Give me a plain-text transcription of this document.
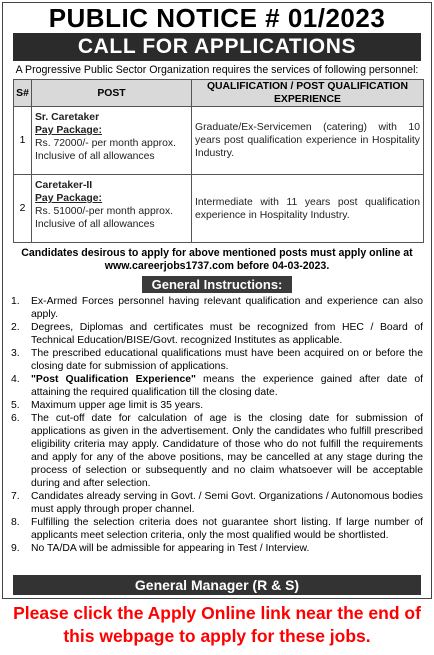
PUBLIC NOTICE # 01/2023
CALL FOR APPLICATIONS
A Progressive Public Sector Organization requires the services of following personnel:
S#	POST	QUALIFICATION / POST QUALIFICATION EXPERIENCE
1	Sr. Caretaker
Pay Package:
Rs. 72000/- per month approx.
Inclusive of all allowances	Graduate/Ex-Servicemen (catering) with 10 years post qualification experience in Hospitality Industry.
2	Caretaker-II
Pay Package:
Rs. 51000/-per month approx.
Inclusive of all allowances	Intermediate with 11 years post qualification experience in Hospitality Industry.
Candidates desirous to apply for above mentioned posts must apply online at
www.careerjobs1737.com before 04-03-2023.
General Instructions:
1.	Ex-Armed Forces personnel having relevant qualification and experience can also apply.
2.	Degrees, Diplomas and certificates must be recognized from HEC / Board of Technical Education/BISE/Govt. recognized Institutes as applicable.
3.	The prescribed educational qualifications must have been acquired on or before the closing date for submission of applications.
4.	"Post Qualification Experience" means the experience gained after date of attaining the required qualification till the closing date.
5.	Maximum upper age limit is 35 years.
6.	The cut-off date for calculation of age is the closing date for submission of applications as given in the advertisement. Only the candidates who fulfill prescribed eligibility criteria may apply. Candidature of those who do not fulfill the requirements and apply for any of the above positions, may be cancelled at any stage during the process of selection or subsequently and no claim whatsoever will be acceptable during and after selection.
7.	Candidates already serving in Govt. / Semi Govt. Organizations / Autonomous bodies must apply through proper channel.
8.	Fulfilling the selection criteria does not guarantee short listing. If large number of applicants meet selection criteria, only the most qualified would be shortlisted.
9.	No TA/DA will be admissible for appearing in Test / Interview.
General Manager (R & S)
Please click the Apply Online link near the end of this webpage to apply for these jobs.
